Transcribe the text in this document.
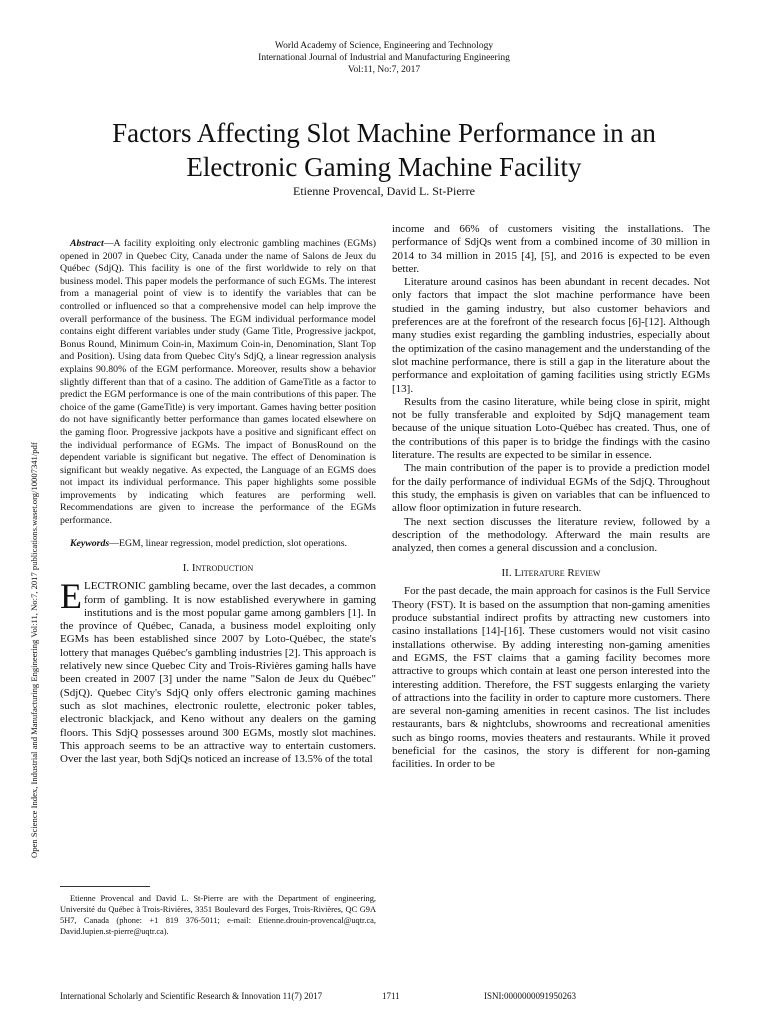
World Academy of Science, Engineering and Technology
International Journal of Industrial and Manufacturing Engineering
Vol:11, No:7, 2017
Factors Affecting Slot Machine Performance in an
Electronic Gaming Machine Facility
Etienne Provencal, David L. St-Pierre
Open Science Index, Industrial and Manufacturing Engineering Vol:11, No:7, 2017 publications.waset.org/10007341/pdf

Abstract—A facility exploiting only electronic gambling machines (EGMs) opened in 2007 in Quebec City, Canada under the name of Salons de Jeux du Québec (SdjQ). This facility is one of the first worldwide to rely on that business model. This paper models the performance of such EGMs. The interest from a managerial point of view is to identify the variables that can be controlled or influenced so that a comprehensive model can help improve the overall performance of the business. The EGM individual performance model contains eight different variables under study (Game Title, Progressive jackpot, Bonus Round, Minimum Coin-in, Maximum Coin-in, Denomination, Slant Top and Position). Using data from Quebec City's SdjQ, a linear regression analysis explains 90.80% of the EGM performance. Moreover, results show a behavior slightly different than that of a casino. The addition of GameTitle as a factor to predict the EGM performance is one of the main contributions of this paper. The choice of the game (GameTitle) is very important. Games having better position do not have significantly better performance than games located elsewhere on the gaming floor. Progressive jackpots have a positive and significant effect on the individual performance of EGMs. The impact of BonusRound on the dependent variable is significant but negative. The effect of Denomination is significant but weakly negative. As expected, the Language of an EGMS does not impact its individual performance. This paper highlights some possible improvements by indicating which features are performing well. Recommendations are given to increase the performance of the EGMs performance.

Keywords—EGM, linear regression, model prediction, slot operations.

I. Introduction

ELECTRONIC gambling became, over the last decades, a common form of gambling. It is now established everywhere in gaming institutions and is the most popular game among gamblers [1]. In the province of Québec, Canada, a business model exploiting only EGMs has been established since 2007 by Loto-Québec, the state's lottery that manages Québec's gambling industries [2]. This approach is relatively new since Quebec City and Trois-Rivières gaming halls have been created in 2007 [3] under the name "Salon de Jeux du Québec" (SdjQ). Quebec City's SdjQ only offers electronic gaming machines such as slot machines, electronic roulette, electronic poker tables, electronic blackjack, and Keno without any dealers on the gaming floors. This SdjQ possesses around 300 EGMs, mostly slot machines. This approach seems to be an attractive way to entertain customers. Over the last year, both SdjQs noticed an increase of 13.5% of the total

Etienne Provencal and David L. St-Pierre are with the Department of engineering, Université du Québec à Trois-Rivières, 3351 Boulevard des Forges, Trois-Rivières, QC G9A 5H7, Canada (phone: +1 819 376-5011; e-mail: Etienne.drouin-provencal@uqtr.ca, David.lupien.st-pierre@uqtr.ca).

income and 66% of customers visiting the installations. The performance of SdjQs went from a combined income of 30 million in 2014 to 34 million in 2015 [4], [5], and 2016 is expected to be even better.

Literature around casinos has been abundant in recent decades. Not only factors that impact the slot machine performance have been studied in the gaming industry, but also customer behaviors and preferences are at the forefront of the research focus [6]-[12]. Although many studies exist regarding the gambling industries, especially about the optimization of the casino management and the understanding of the slot machine performance, there is still a gap in the literature about the performance and exploitation of gaming facilities using strictly EGMs [13].

Results from the casino literature, while being close in spirit, might not be fully transferable and exploited by SdjQ management team because of the unique situation Loto-Québec has created. Thus, one of the contributions of this paper is to bridge the findings with the casino literature. The results are expected to be similar in essence.

The main contribution of the paper is to provide a prediction model for the daily performance of individual EGMs of the SdjQ. Throughout this study, the emphasis is given on variables that can be influenced to allow floor optimization in future research.

The next section discusses the literature review, followed by a description of the methodology. Afterward the main results are analyzed, then comes a general discussion and a conclusion.

II. Literature Review

For the past decade, the main approach for casinos is the Full Service Theory (FST). It is based on the assumption that non-gaming amenities produce substantial indirect profits by attracting new customers into casino installations [14]-[16]. These customers would not visit casino installations otherwise. By adding interesting non-gaming amenities and EGMS, the FST claims that a gaming facility becomes more attractive to groups which contain at least one person interested into the interesting addition. Therefore, the FST suggests enlarging the variety of attractions into the facility in order to capture more customers. There are several non-gaming amenities in recent casinos. The list includes restaurants, bars & nightclubs, showrooms and recreational amenities such as bingo rooms, movies theaters and restaurants. While it proved beneficial for the casinos, the story is different for non-gaming facilities. In order to be

International Scholarly and Scientific Research & Innovation 11(7) 2017	1711	ISNI:0000000091950263
